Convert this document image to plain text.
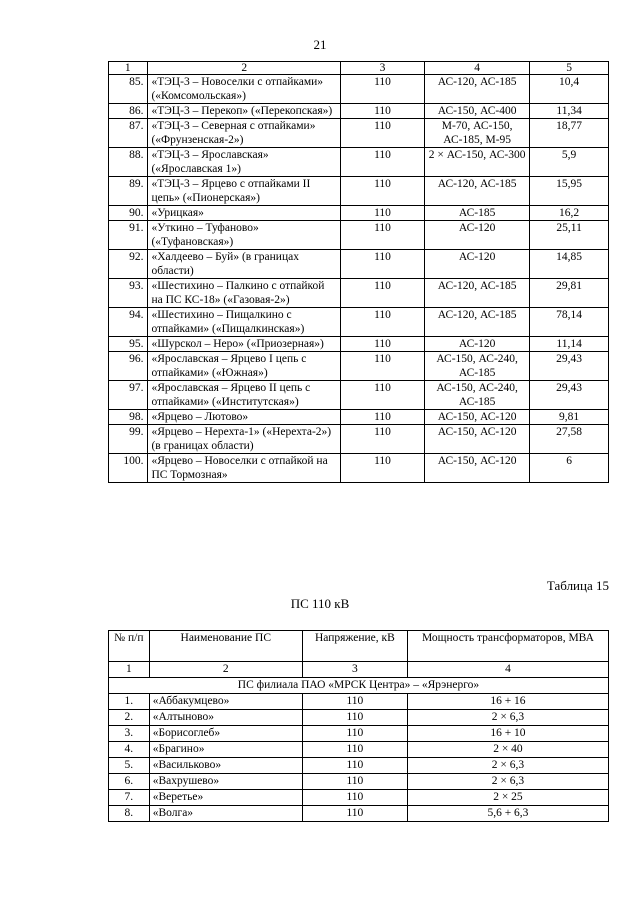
21
1	2	3	4	5
85.	«ТЭЦ-3 – Новоселки с отпайками» («Комсомольская»)	110	АС-120, АС-185	10,4
86.	«ТЭЦ-3 – Перекоп» («Перекопская»)	110	АС-150, АС-400	11,34
87.	«ТЭЦ-3 – Северная с отпайками» («Фрунзенская-2»)	110	М-70, АС-150, АС-185, М-95	18,77
88.	«ТЭЦ-3 – Ярославская» («Ярославская 1»)	110	2 × АС-150, АС-300	5,9
89.	«ТЭЦ-3 – Ярцево с отпайками II цепь» («Пионерская»)	110	АС-120, АС-185	15,95
90.	«Урицкая»	110	АС-185	16,2
91.	«Уткино – Туфаново» («Туфановская»)	110	АС-120	25,11
92.	«Халдеево – Буй» (в границах области)	110	АС-120	14,85
93.	«Шестихино – Палкино с отпайкой на ПС КС-18» («Газовая-2»)	110	АС-120, АС-185	29,81
94.	«Шестихино – Пищалкино с отпайками» («Пищалкинская»)	110	АС-120, АС-185	78,14
95.	«Шурскол – Неро» («Приозерная»)	110	АС-120	11,14
96.	«Ярославская – Ярцево I цепь с отпайками» («Южная»)	110	АС-150, АС-240, АС-185	29,43
97.	«Ярославская – Ярцево II цепь с отпайками» («Институтская»)	110	АС-150, АС-240, АС-185	29,43
98.	«Ярцево – Лютово»	110	АС-150, АС-120	9,81
99.	«Ярцево – Нерехта-1» («Нерехта-2») (в границах области)	110	АС-150, АС-120	27,58
100.	«Ярцево – Новоселки с отпайкой на ПС Тормозная»	110	АС-150, АС-120	6
Таблица 15
ПС 110 кВ
№ п/п	Наименование ПС	Напряжение, кВ	Мощность трансформаторов, МВА
1	2	3	4
ПС филиала ПАО «МРСК Центра» – «Ярэнерго»			
1.	«Аббакумцево»	110	16 + 16
2.	«Алтыново»	110	2 × 6,3
3.	«Борисоглеб»	110	16 + 10
4.	«Брагино»	110	2 × 40
5.	«Васильково»	110	2 × 6,3
6.	«Вахрушево»	110	2 × 6,3
7.	«Веретье»	110	2 × 25
8.	«Волга»	110	5,6 + 6,3
